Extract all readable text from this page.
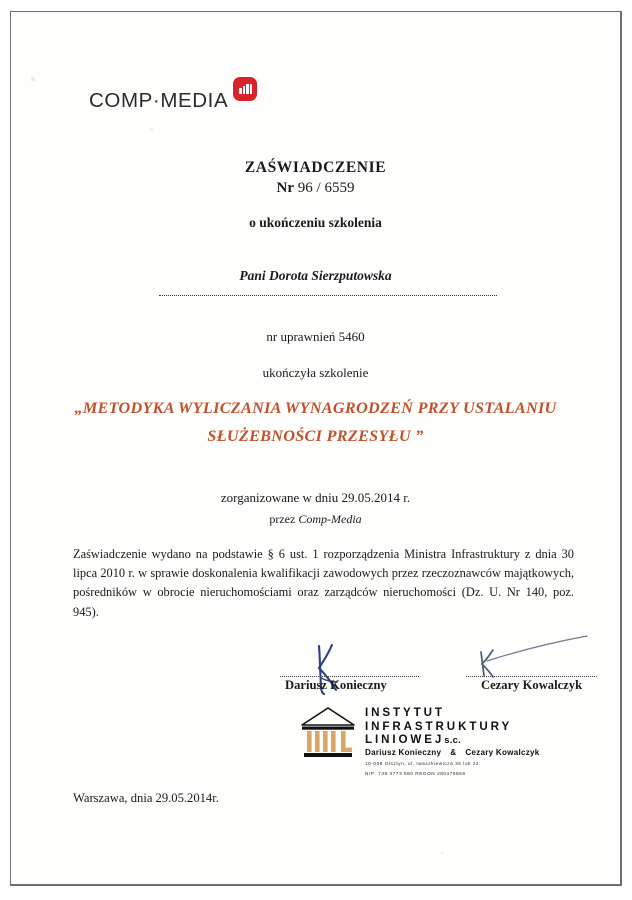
COMP·MEDIA
ZAŚWIADCZENIE
Nr 96 / 6559
o ukończeniu szkolenia
Pani Dorota Sierzputowska
nr uprawnień 5460
ukończyła szkolenie
„METODYKA WYLICZANIA WYNAGRODZEŃ PRZY USTALANIU
SŁUŻEBNOŚCI PRZESYŁU ”
zorganizowane w dniu 29.05.2014 r.
przez Comp-Media
Zaświadczenie wydano na podstawie § 6 ust. 1 rozporządzenia Ministra Infrastruktury z dnia 30 lipca 2010 r. w sprawie doskonalenia kwalifikacji zawodowych przez rzeczoznawców majątkowych, pośredników w obrocie nieruchomościami oraz zarządców nieruchomości (Dz. U. Nr 140, poz. 945).
Dariusz Konieczny	Cezary Kowalczyk
INSTYTUT
INFRASTRUKTURY
LINIOWEJs.c.
Dariusz Konieczny & Cezary Kowalczyk
10-008 Olsztyn, ul. Iwaszkiewicza 35 lok 22
NIP: 739 3773 580 REGON 280479869
Warszawa, dnia 29.05.2014r.
